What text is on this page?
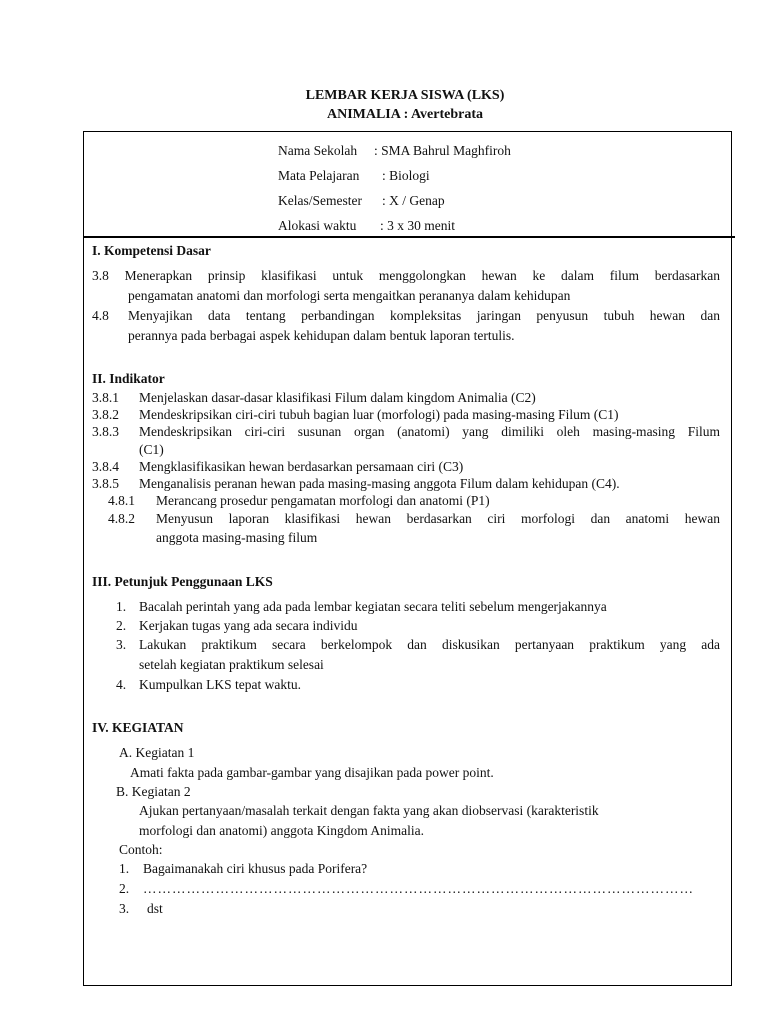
LEMBAR KERJA SISWA (LKS)
ANIMALIA : Avertebrata
Nama Sekolah : SMA Bahrul Maghfiroh
Mata Pelajaran : Biologi
Kelas/Semester : X / Genap
Alokasi waktu : 3 x 30 menit
I. Kompetensi Dasar
3.8 Menerapkan prinsip klasifikasi untuk menggolongkan hewan ke dalam filum berdasarkan
pengamatan anatomi dan morfologi serta mengaitkan perananya dalam kehidupan
4.8 Menyajikan data tentang perbandingan kompleksitas jaringan penyusun tubuh hewan dan
perannya pada berbagai aspek kehidupan dalam bentuk laporan tertulis.
II. Indikator
3.8.1 Menjelaskan dasar-dasar klasifikasi Filum dalam kingdom Animalia (C2)
3.8.2 Mendeskripsikan ciri-ciri tubuh bagian luar (morfologi) pada masing-masing Filum (C1)
3.8.3 Mendeskripsikan ciri-ciri susunan organ (anatomi) yang dimiliki oleh masing-masing Filum
(C1)
3.8.4 Mengklasifikasikan hewan berdasarkan persamaan ciri (C3)
3.8.5 Menganalisis peranan hewan pada masing-masing anggota Filum dalam kehidupan (C4).
4.8.1 Merancang prosedur pengamatan morfologi dan anatomi (P1)
4.8.2 Menyusun laporan klasifikasi hewan berdasarkan ciri morfologi dan anatomi hewan
anggota masing-masing filum
III. Petunjuk Penggunaan LKS
1. Bacalah perintah yang ada pada lembar kegiatan secara teliti sebelum mengerjakannya
2. Kerjakan tugas yang ada secara individu
3. Lakukan praktikum secara berkelompok dan diskusikan pertanyaan praktikum yang ada
setelah kegiatan praktikum selesai
4. Kumpulkan LKS tepat waktu.
IV. KEGIATAN
A. Kegiatan 1
Amati fakta pada gambar-gambar yang disajikan pada power point.
B. Kegiatan 2
Ajukan pertanyaan/masalah terkait dengan fakta yang akan diobservasi (karakteristik
morfologi dan anatomi) anggota Kingdom Animalia.
Contoh:
1. Bagaimanakah ciri khusus pada Porifera?
2. ……………………………………………………………………………………………………
3. dst
